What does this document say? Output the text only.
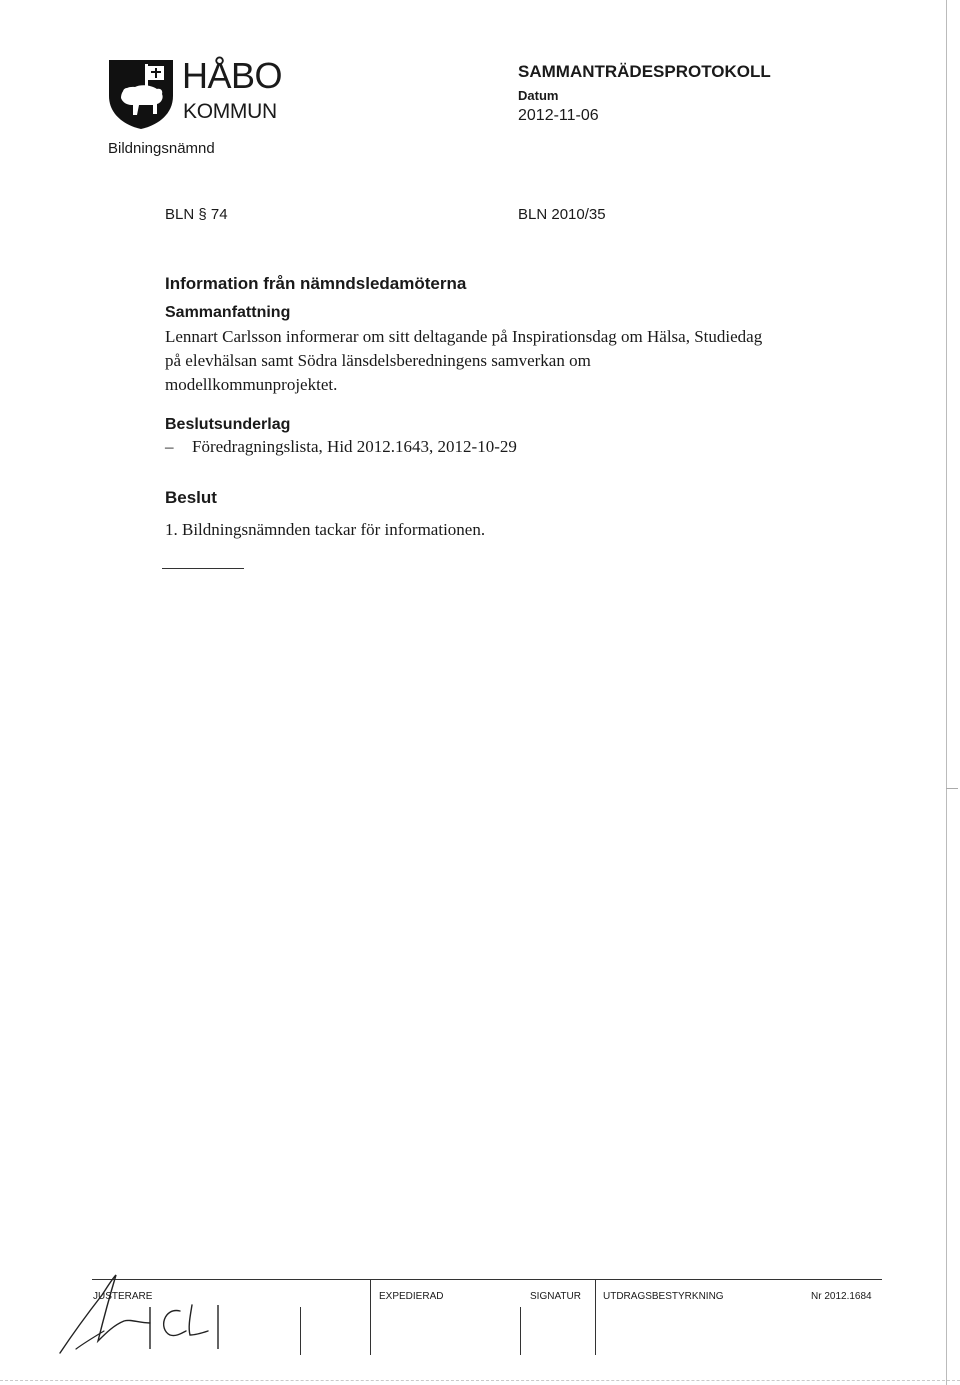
HÅBO
KOMMUN
Bildningsnämnd
SAMMANTRÄDESPROTOKOLL
Datum
2012-11-06
BLN § 74	BLN 2010/35
Information från nämndsledamöterna
Sammanfattning
Lennart Carlsson informerar om sitt deltagande på Inspirationsdag om Hälsa, Studiedag på elevhälsan samt Södra länsdelsberedningens samverkan om modellkommunprojektet.
Beslutsunderlag
– Föredragningslista, Hid 2012.1643, 2012-10-29
Beslut
1. Bildningsnämnden tackar för informationen.
JUSTERARE	EXPEDIERAD	SIGNATUR UTDRAGSBESTYRKNING	Nr 2012.1684
